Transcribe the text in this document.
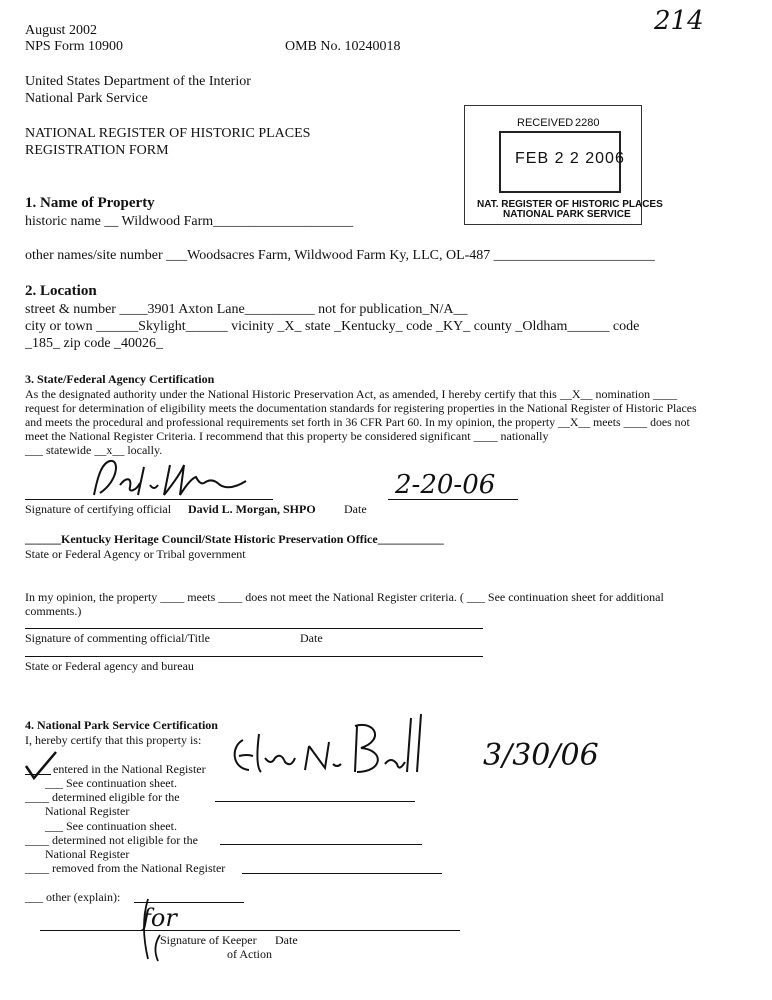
August 2002
NPS Form 10900	OMB No. 10240018
214
United States Department of the Interior
National Park Service
NATIONAL REGISTER OF HISTORIC PLACES
REGISTRATION FORM
RECEIVED 2280
FEB 2 2 2006
NAT. REGISTER OF HISTORIC PLACES
NATIONAL PARK SERVICE
1. Name of Property
historic name __ Wildwood Farm____________________
other names/site number ___Woodsacres Farm, Wildwood Farm Ky, LLC, OL-487 _______________________
2. Location
street & number ____3901 Axton Lane__________ not for publication_N/A__
city or town ______Skylight______ vicinity _X_ state _Kentucky_ code _KY_ county _Oldham______ code
_185_ zip code _40026_
3. State/Federal Agency Certification
As the designated authority under the National Historic Preservation Act, as amended, I hereby certify that this __X__ nomination ____
request for determination of eligibility meets the documentation standards for registering properties in the National Register of Historic Places
and meets the procedural and professional requirements set forth in 36 CFR Part 60. In my opinion, the property __X__ meets ____ does not
meet the National Register Criteria. I recommend that this property be considered significant ____ nationally
___ statewide __x__ locally.
2-20-06
Signature of certifying official David L. Morgan, SHPO Date
______Kentucky Heritage Council/State Historic Preservation Office___________
State or Federal Agency or Tribal government
In my opinion, the property ____ meets ____ does not meet the National Register criteria. ( ___ See continuation sheet for additional
comments.)
Signature of commenting official/Title	Date
State or Federal agency and bureau
4. National Park Service Certification
I, hereby certify that this property is:	3/30/06
entered in the National Register
___ See continuation sheet.
____ determined eligible for the
National Register
___ See continuation sheet.
____ determined not eligible for the
National Register
____ removed from the National Register
___ other (explain):
for
Signature of Keeper Date
of Action
